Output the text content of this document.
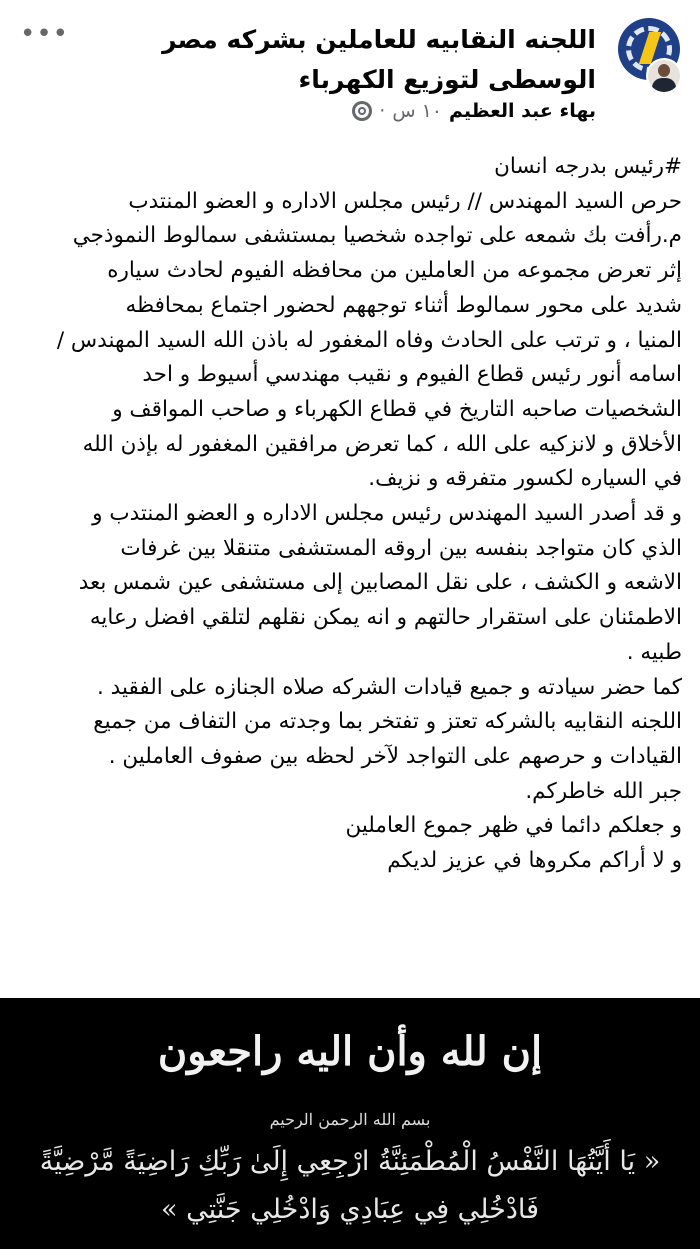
•••	اللجنه النقابيه للعاملين بشركه مصر الوسطى لتوزيع الكهرباء
بهاء عبد العظيم
١٠ س
·
#رئيس بدرجه انسان
حرص السيد المهندس // رئيس مجلس الاداره و العضو المنتدب
م.رأفت بك شمعه على تواجده شخصيا بمستشفى سمالوط النموذجي
إثر تعرض مجموعه من العاملين من محافظه الفيوم لحادث سياره
شديد على محور سمالوط أثناء توجههم لحضور اجتماع بمحافظه
المنيا ، و ترتب على الحادث وفاه المغفور له باذن الله السيد المهندس /
اسامه أنور رئيس قطاع الفيوم و نقيب مهندسي أسيوط و احد
الشخصيات صاحبه التاريخ في قطاع الكهرباء و صاحب المواقف و
الأخلاق و لانزكيه على الله ، كما تعرض مرافقين المغفور له بإذن الله
في السياره لكسور متفرقه و نزيف.
و قد أصدر السيد المهندس رئيس مجلس الاداره و العضو المنتدب و
الذي كان متواجد بنفسه بين اروقه المستشفى متنقلا بين غرفات
الاشعه و الكشف ، على نقل المصابين إلى مستشفى عين شمس بعد
الاطمئنان على استقرار حالتهم و انه يمكن نقلهم لتلقي افضل رعايه
طبيه .
كما حضر سيادته و جميع قيادات الشركه صلاه الجنازه على الفقيد .
اللجنه النقابيه بالشركه تعتز و تفتخر بما وجدته من التفاف من جميع
القيادات و حرصهم على التواجد لآخر لحظه بين صفوف العاملين .
جبر الله خاطركم.
و جعلكم دائما في ظهر جموع العاملين
و لا أراكم مكروها في عزيز لديكم
إن لله وأن اليه راجعون
بسم الله الرحمن الرحيم
« يَا أَيَّتُهَا النَّفْسُ الْمُطْمَئِنَّةُ ارْجِعِي إِلَىٰ رَبِّكِ رَاضِيَةً مَّرْضِيَّةً
فَادْخُلِي فِي عِبَادِي وَادْخُلِي جَنَّتِي »
